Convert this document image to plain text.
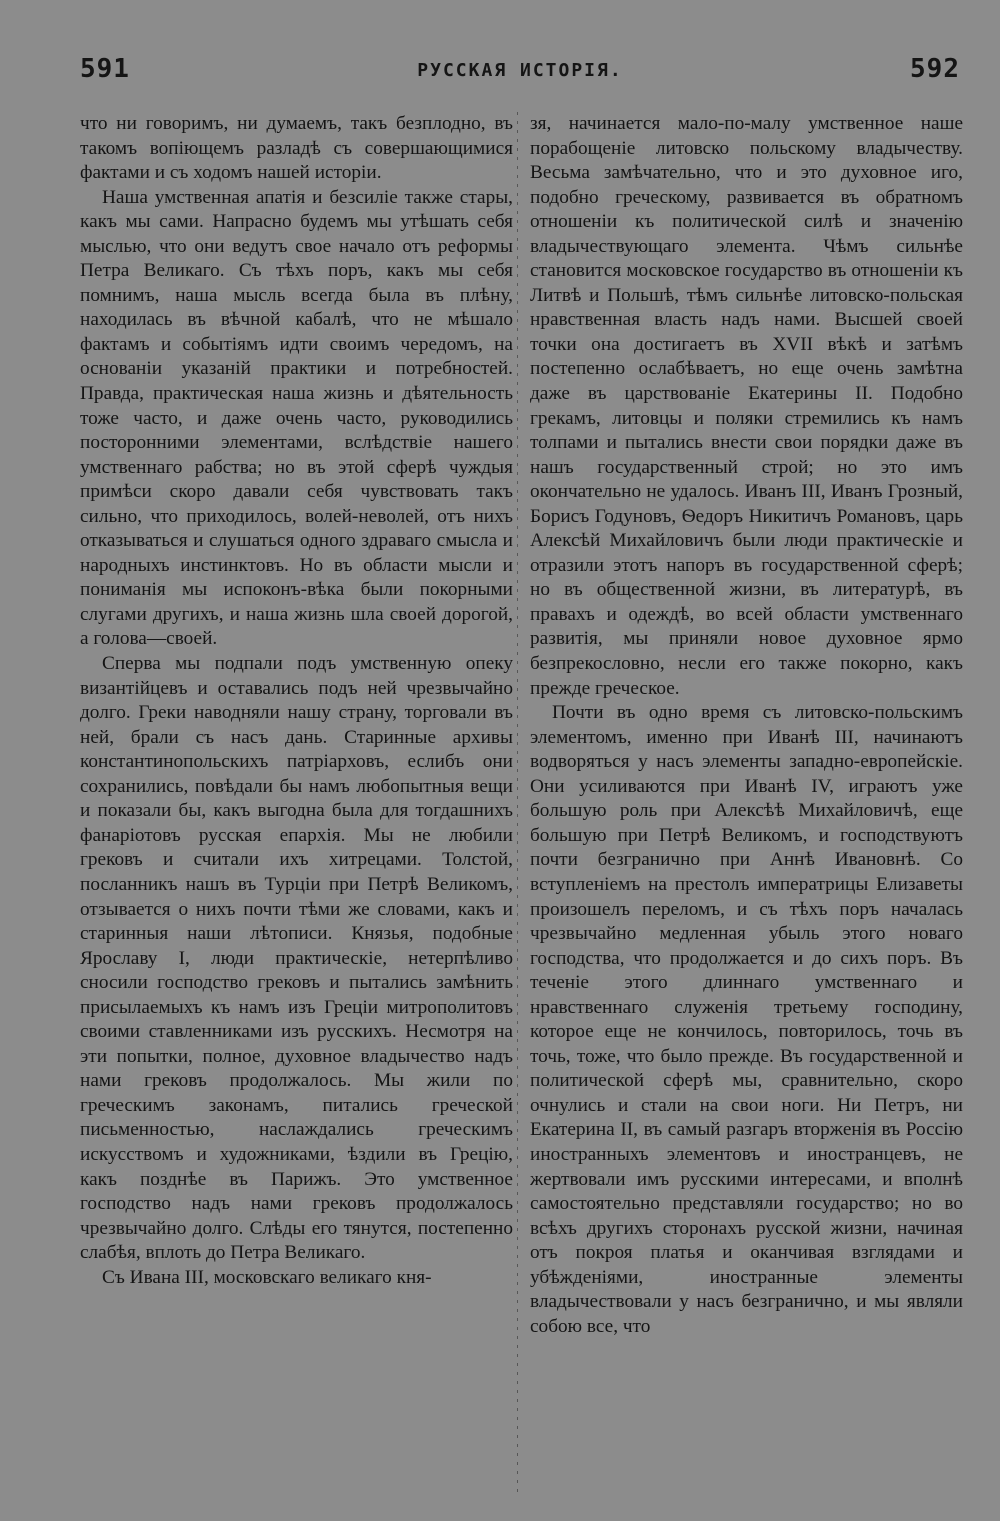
591	РУССКАЯ ИСТОРІЯ.	592

что ни говоримъ, ни думаемъ, такъ безплодно, въ такомъ вопіющемъ разладѣ съ совершающимися фактами и съ ходомъ нашей исторіи.

Наша умственная апатія и безсиліе также стары, какъ мы сами. Напрасно будемъ мы утѣшать себя мыслью, что они ведутъ свое начало отъ реформы Петра Великаго. Съ тѣхъ поръ, какъ мы себя помнимъ, наша мысль всегда была въ плѣну, находилась въ вѣчной кабалѣ, что не мѣшало фактамъ и событіямъ идти своимъ чередомъ, на основаніи указаній практики и потребностей. Правда, практическая наша жизнь и дѣятельность тоже часто, и даже очень часто, руководились посторонними элементами, вслѣдствіе нашего умственнаго рабства; но въ этой сферѣ чуждыя примѣси скоро давали себя чувствовать такъ сильно, что приходилось, волей-неволей, отъ нихъ отказываться и слушаться одного здраваго смысла и народныхъ инстинктовъ. Но въ области мысли и пониманія мы испоконъ-вѣка были покорными слугами другихъ, и наша жизнь шла своей дорогой, а голова—своей.

Сперва мы подпали подъ умственную опеку византійцевъ и оставались подъ ней чрезвычайно долго. Греки наводняли нашу страну, торговали въ ней, брали съ насъ дань. Старинные архивы константинопольскихъ патріарховъ, еслибъ они сохранились, повѣдали бы намъ любопытныя вещи и показали бы, какъ выгодна была для тогдашнихъ фанаріотовъ русская епархія. Мы не любили грековъ и считали ихъ хитрецами. Толстой, посланникъ нашъ въ Турціи при Петрѣ Великомъ, отзывается о нихъ почти тѣми же словами, какъ и старинныя наши лѣтописи. Князья, подобные Ярославу I, люди практическіе, нетерпѣливо сносили господство грековъ и пытались замѣнить присылаемыхъ къ намъ изъ Греціи митрополитовъ своими ставленниками изъ русскихъ. Несмотря на эти попытки, полное, духовное владычество надъ нами грековъ продолжалось. Мы жили по греческимъ законамъ, питались греческой письменностью, наслаждались греческимъ искусствомъ и художниками, ѣздили въ Грецію, какъ позднѣе въ Парижъ. Это умственное господство надъ нами грековъ продолжалось чрезвычайно долго. Слѣды его тянутся, постепенно слабѣя, вплоть до Петра Великаго.

Съ Ивана III, московскаго великаго кня-

зя, начинается мало-по-малу умственное наше порабощеніе литовско польскому владычеству. Весьма замѣчательно, что и это духовное иго, подобно греческому, развивается въ обратномъ отношеніи къ политической силѣ и значенію владычествующаго элемента. Чѣмъ сильнѣе становится московское государство въ отношеніи къ Литвѣ и Польшѣ, тѣмъ сильнѣе литовско-польская нравственная власть надъ нами. Высшей своей точки она достигаетъ въ XVII вѣкѣ и затѣмъ постепенно ослабѣваетъ, но еще очень замѣтна даже въ царствованіе Екатерины II. Подобно грекамъ, литовцы и поляки стремились къ намъ толпами и пытались внести свои порядки даже въ нашъ государственный строй; но это имъ окончательно не удалось. Иванъ III, Иванъ Грозный, Борисъ Годуновъ, Ѳедоръ Никитичъ Романовъ, царь Алексѣй Михайловичъ были люди практическіе и отразили этотъ напоръ въ государственной сферѣ; но въ общественной жизни, въ литературѣ, въ правахъ и одеждѣ, во всей области умственнаго развитія, мы приняли новое духовное ярмо безпрекословно, несли его также покорно, какъ прежде греческое.

Почти въ одно время съ литовско-польскимъ элементомъ, именно при Иванѣ III, начинаютъ водворяться у насъ элементы западно-европейскіе. Они усиливаются при Иванѣ IV, играютъ уже большую роль при Алексѣѣ Михайловичѣ, еще большую при Петрѣ Великомъ, и господствуютъ почти безгранично при Аннѣ Ивановнѣ. Со вступленіемъ на престолъ императрицы Елизаветы произошелъ переломъ, и съ тѣхъ поръ началась чрезвычайно медленная убыль этого новаго господства, что продолжается и до сихъ поръ. Въ теченіе этого длиннаго умственнаго и нравственнаго служенія третьему господину, которое еще не кончилось, повторилось, точь въ точь, тоже, что было прежде. Въ государственной и политической сферѣ мы, сравнительно, скоро очнулись и стали на свои ноги. Ни Петръ, ни Екатерина II, въ самый разгаръ вторженія въ Россію иностранныхъ элементовъ и иностранцевъ, не жертвовали имъ русскими интересами, и вполнѣ самостоятельно представляли государство; но во всѣхъ другихъ сторонахъ русской жизни, начиная отъ покроя платья и оканчивая взглядами и убѣжденіями, иностранные элементы владычествовали у насъ безгранично, и мы являли собою все, что
